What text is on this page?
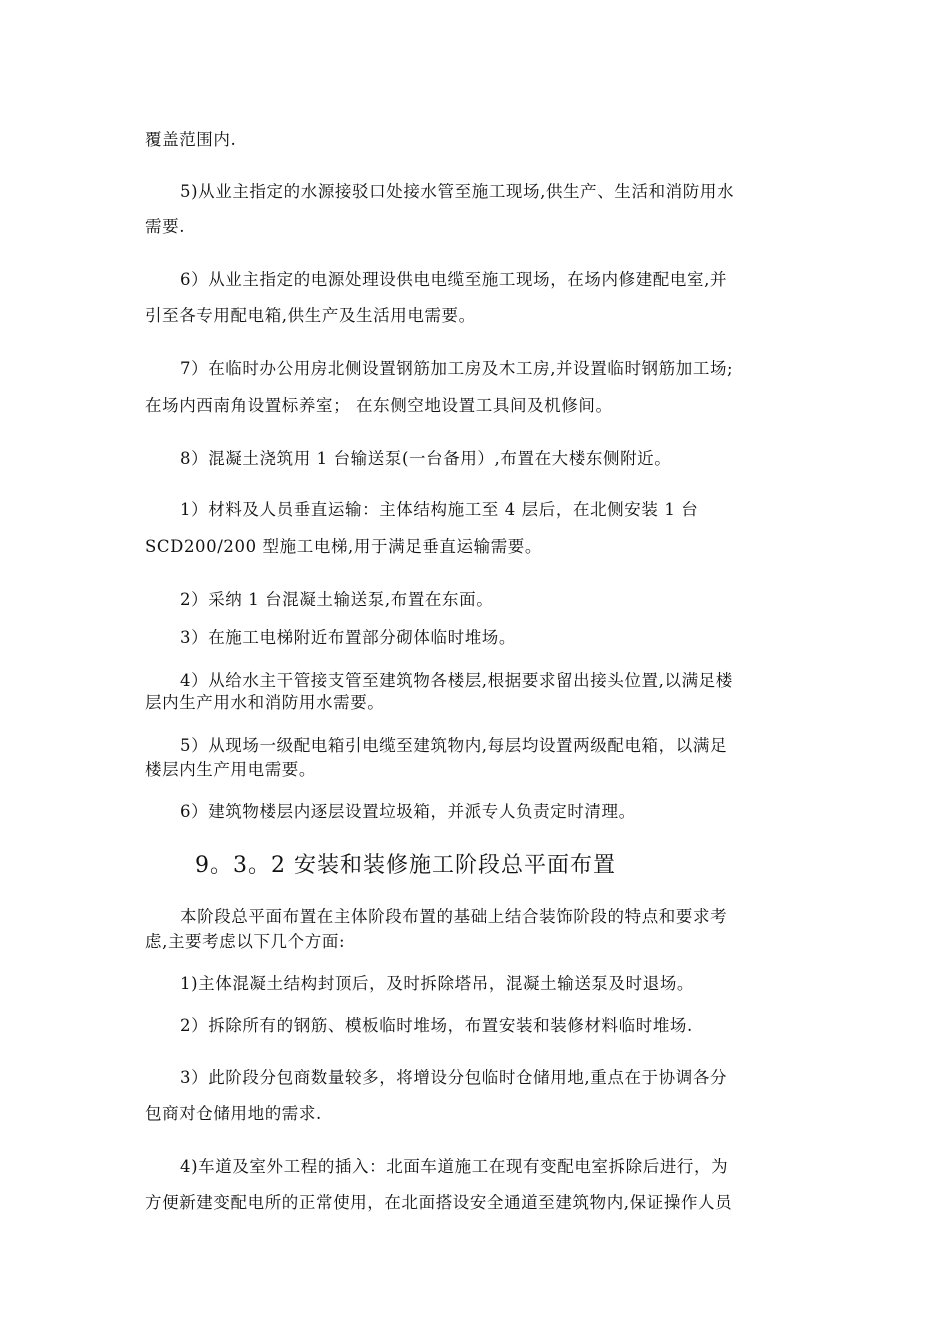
覆盖范围内.
5)从业主指定的水源接驳口处接水管至施工现场,供生产、生活和消防用水
需要.
6）从业主指定的电源处理设供电电缆至施工现场，在场内修建配电室,并
引至各专用配电箱,供生产及生活用电需要。
7）在临时办公用房北侧设置钢筋加工房及木工房,并设置临时钢筋加工场;
在场内西南角设置标养室； 在东侧空地设置工具间及机修间。
8）混凝土浇筑用 1 台输送泵(一台备用）,布置在大楼东侧附近。
1）材料及人员垂直运输：主体结构施工至 4 层后，在北侧安装 1 台
SCD200/200 型施工电梯,用于满足垂直运输需要。
2）采纳 1 台混凝土输送泵,布置在东面。
3）在施工电梯附近布置部分砌体临时堆场。
4）从给水主干管接支管至建筑物各楼层,根据要求留出接头位置,以满足楼
层内生产用水和消防用水需要。
5）从现场一级配电箱引电缆至建筑物内,每层均设置两级配电箱，以满足
楼层内生产用电需要。
6）建筑物楼层内逐层设置垃圾箱，并派专人负责定时清理。
9。3。2 安装和装修施工阶段总平面布置
本阶段总平面布置在主体阶段布置的基础上结合装饰阶段的特点和要求考
虑,主要考虑以下几个方面:
1)主体混凝土结构封顶后，及时拆除塔吊，混凝土输送泵及时退场。
2）拆除所有的钢筋、模板临时堆场，布置安装和装修材料临时堆场.
3）此阶段分包商数量较多，将增设分包临时仓储用地,重点在于协调各分
包商对仓储用地的需求.
4)车道及室外工程的插入：北面车道施工在现有变配电室拆除后进行，为
方便新建变配电所的正常使用，在北面搭设安全通道至建筑物内,保证操作人员
